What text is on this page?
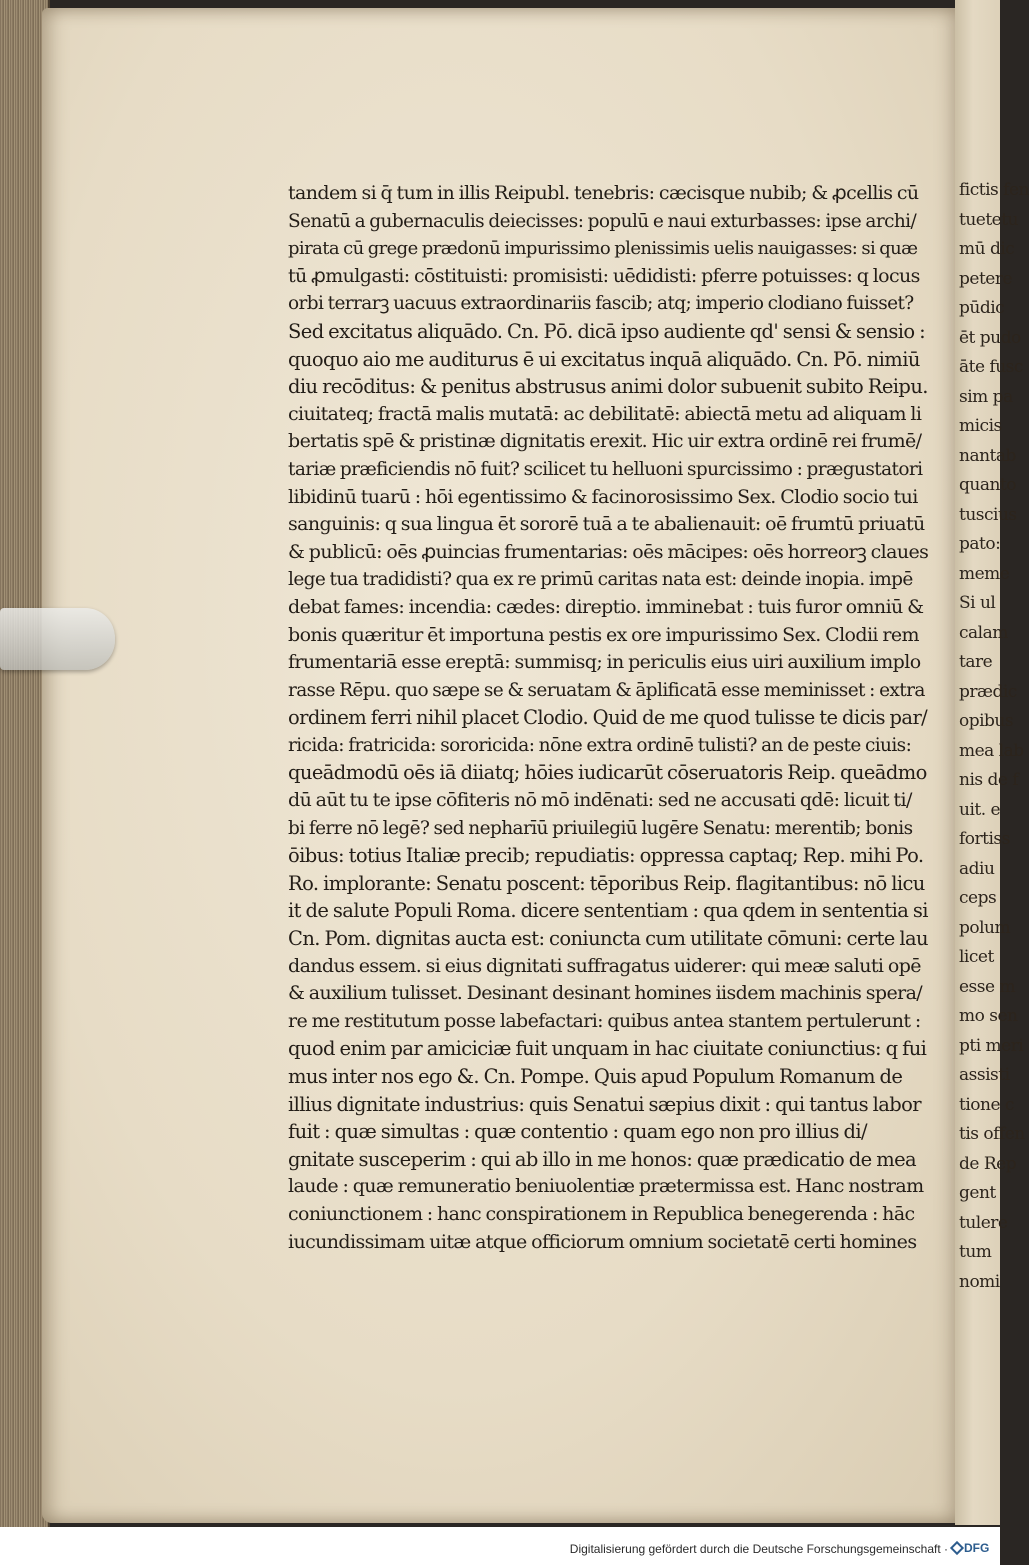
tandem si q̄ tum in illis Reipubl. tenebris: cæcisque nubib; & ꝓcellis cū
Senatū a gubernaculis deiecisses: populū e naui exturbasses: ipse archi/
pirata cū grege prædonū impurissimo plenissimis uelis nauigasses: si quæ
tū ꝓmulgasti: cōstituisti: promisisti: uēdidisti: pferre potuisses: q locus
orbi terrarꝫ uacuus extraordinariis fascib; atq; imperio clodiano fuisset?
Sed excitatus aliquādo. Cn. Pō. dicā ipso audiente qd' sensi & sensio :
quoquo aio me auditurus ē ui excitatus inquā aliquādo. Cn. Pō. nimiū
diu recōditus: & penitus abstrusus animi dolor subuenit subito Reipu.
ciuitateq; fractā malis mutatā: ac debilitatē: abiectā metu ad aliquam li
bertatis spē & pristinæ dignitatis erexit. Hic uir extra ordinē rei frumē/
tariæ præficiendis nō fuit? scilicet tu helluoni spurcissimo : prægustatori
libidinū tuarū : hōi egentissimo & facinorosissimo Sex. Clodio socio tui
sanguinis: q sua lingua ēt sororē tuā a te abalienauit: oē frumtū priuatū
& publicū: oēs ꝓuincias frumentarias: oēs mācipes: oēs horreorꝫ claues
lege tua tradidisti? qua ex re primū caritas nata est: deinde inopia. impē
debat fames: incendia: cædes: direptio. imminebat : tuis furor omniū &
bonis quæritur ēt importuna pestis ex ore impurissimo Sex. Clodii rem
frumentariā esse ereptā: summisq; in periculis eius uiri auxilium implo
rasse Rēpu. quo sæpe se & seruatam & āplificatā esse meminisset : extra
ordinem ferri nihil placet Clodio. Quid de me quod tulisse te dicis par/
ricida: fratricida: sororicida: nōne extra ordinē tulisti? an de peste ciuis:
queādmodū oēs iā diiatq; hōies iudicarūt cōseruatoris Reip. queādmo
dū aūt tu te ipse cōfiteris nō mō indēnati: sed ne accusati qdē: licuit ti/
bi ferre nō legē? sed nepharīū priuilegiū lugēre Senatu: merentib; bonis
ōibus: totius Italiæ precib; repudiatis: oppressa captaq; Rep. mihi Po.
Ro. implorante: Senatu poscent: tēporibus Reip. flagitantibus: nō licu
it de salute Populi Roma. dicere sententiam : qua qdem in sententia si
Cn. Pom. dignitas aucta est: coniuncta cum utilitate cōmuni: certe lau
dandus essem. si eius dignitati suffragatus uiderer: qui meæ saluti opē
& auxilium tulisset. Desinant desinant homines iisdem machinis spera/
re me restitutum posse labefactari: quibus antea stantem pertulerunt :
quod enim par amiciciæ fuit unquam in hac ciuitate coniunctius: q fui
mus inter nos ego &. Cn. Pompe. Quis apud Populum Romanum de
illius dignitate industrius: quis Senatui sæpius dixit : qui tantus labor
fuit : quæ simultas : quæ contentio : quam ego non pro illius di/
gnitate susceperim : qui ab illo in me honos: quæ prædicatio de mea
laude : quæ remuneratio beniuolentiæ prætermissa est. Hanc nostram
coniunctionem : hanc conspirationem in Republica benegerenda : hāc
iucundissimam uitæ atque officiorum omnium societatē certi homines
fictis fen
tuetetu
mū dic
petere
pūdic
ēt pudo
āte fusc
sim pa
micis
nantab
quanto
tuscius
pato:
meme
Si ul
calam
tare
prædic
opibus
mea lab
nis de f
uit. e
fortiss
adiu
ceps
polum
licet
esse m
mo sen
pti meri
assisti
tione c
tis offen
de Rep
gent
tulere
tum
nomi
Digitalisierung gefördert durch die Deutsche Forschungsgemeinschaft · DFG
